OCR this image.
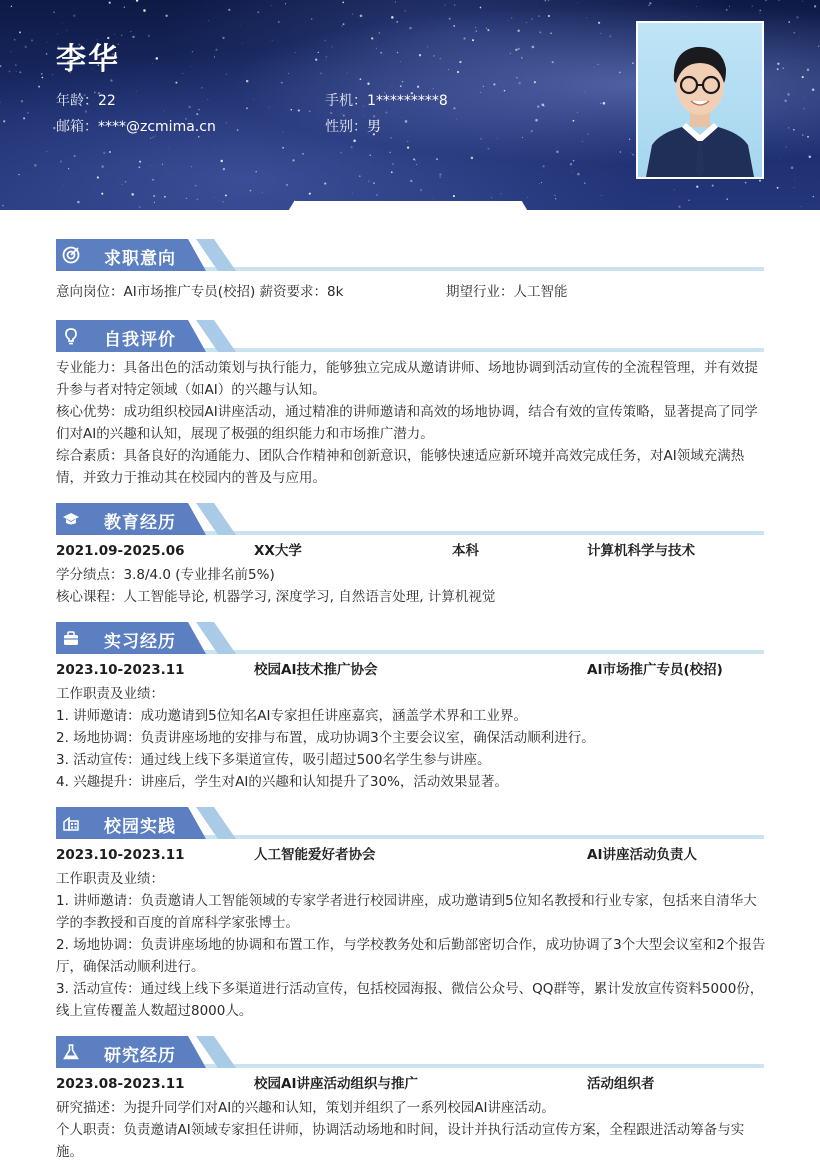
李华
年龄：22	手机：1*********8
邮箱：****@zcmima.cn	性别：男
求职意向
意向岗位：AI市场推广专员(校招) 薪资要求：8k	期望行业：人工智能
自我评价
专业能力：具备出色的活动策划与执行能力，能够独立完成从邀请讲师、场地协调到活动宣传的全流程管理，并有效提升参与者对特定领域（如AI）的兴趣与认知。
核心优势：成功组织校园AI讲座活动，通过精准的讲师邀请和高效的场地协调，结合有效的宣传策略，显著提高了同学们对AI的兴趣和认知，展现了极强的组织能力和市场推广潜力。
综合素质：具备良好的沟通能力、团队合作精神和创新意识，能够快速适应新环境并高效完成任务，对AI领域充满热情，并致力于推动其在校园内的普及与应用。
教育经历
2021.09-2025.06	XX大学	本科	计算机科学与技术
学分绩点：3.8/4.0 (专业排名前5%)
核心课程：人工智能导论, 机器学习, 深度学习, 自然语言处理, 计算机视觉
实习经历
2023.10-2023.11	校园AI技术推广协会	AI市场推广专员(校招)
工作职责及业绩：
1. 讲师邀请：成功邀请到5位知名AI专家担任讲座嘉宾，涵盖学术界和工业界。
2. 场地协调：负责讲座场地的安排与布置，成功协调3个主要会议室，确保活动顺利进行。
3. 活动宣传：通过线上线下多渠道宣传，吸引超过500名学生参与讲座。
4. 兴趣提升：讲座后，学生对AI的兴趣和认知提升了30%，活动效果显著。
校园实践
2023.10-2023.11	人工智能爱好者协会	AI讲座活动负责人
工作职责及业绩：
1. 讲师邀请：负责邀请人工智能领域的专家学者进行校园讲座，成功邀请到5位知名教授和行业专家，包括来自清华大学的李教授和百度的首席科学家张博士。
2. 场地协调：负责讲座场地的协调和布置工作，与学校教务处和后勤部密切合作，成功协调了3个大型会议室和2个报告厅，确保活动顺利进行。
3. 活动宣传：通过线上线下多渠道进行活动宣传，包括校园海报、微信公众号、QQ群等，累计发放宣传资料5000份，线上宣传覆盖人数超过8000人。
研究经历
2023.08-2023.11	校园AI讲座活动组织与推广	活动组织者
研究描述：为提升同学们对AI的兴趣和认知，策划并组织了一系列校园AI讲座活动。
个人职责：负责邀请AI领域专家担任讲师，协调活动场地和时间，设计并执行活动宣传方案，全程跟进活动筹备与实施。
